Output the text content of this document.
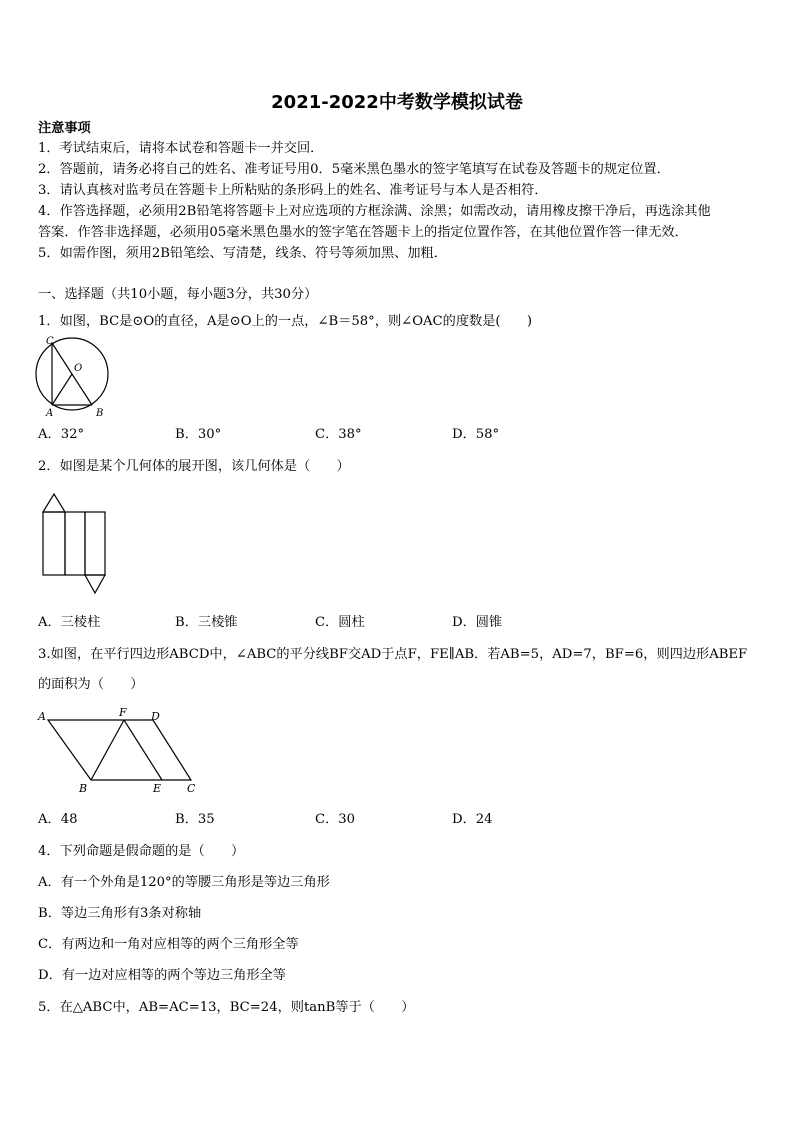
2021-2022中考数学模拟试卷
注意事项
1．考试结束后，请将本试卷和答题卡一并交回．
2．答题前，请务必将自己的姓名、准考证号用0．5毫米黑色墨水的签字笔填写在试卷及答题卡的规定位置．
3．请认真核对监考员在答题卡上所粘贴的条形码上的姓名、准考证号与本人是否相符．
4．作答选择题，必须用2B铅笔将答题卡上对应选项的方框涂满、涂黑；如需改动，请用橡皮擦干净后，再选涂其他
答案．作答非选择题，必须用05毫米黑色墨水的签字笔在答题卡上的指定位置作答，在其他位置作答一律无效．
5．如需作图，须用2B铅笔绘、写清楚，线条、符号等须加黑、加粗．
一、选择题（共10小题，每小题3分，共30分）
1．如图，BC是⊙O的直径，A是⊙O上的一点，∠B＝58°，则∠OAC的度数是(　　)
C
O
A	B
A．32°	B．30°	C．38°	D．58°
2．如图是某个几何体的展开图，该几何体是（　　）
A．三棱柱	B．三棱锥	C．圆柱	D．圆锥
3.如图，在平行四边形ABCD中，∠ABC的平分线BF交AD于点F，FE∥AB．若AB=5，AD=7，BF=6，则四边形ABEF
的面积为（　　）
A	F D
B	E C
A．48	B．35	C．30	D．24
4．下列命题是假命题的是（　　）
A．有一个外角是120°的等腰三角形是等边三角形
B．等边三角形有3条对称轴
C．有两边和一角对应相等的两个三角形全等
D．有一边对应相等的两个等边三角形全等
5．在△ABC中，AB=AC=13，BC=24，则tanB等于（　　）
